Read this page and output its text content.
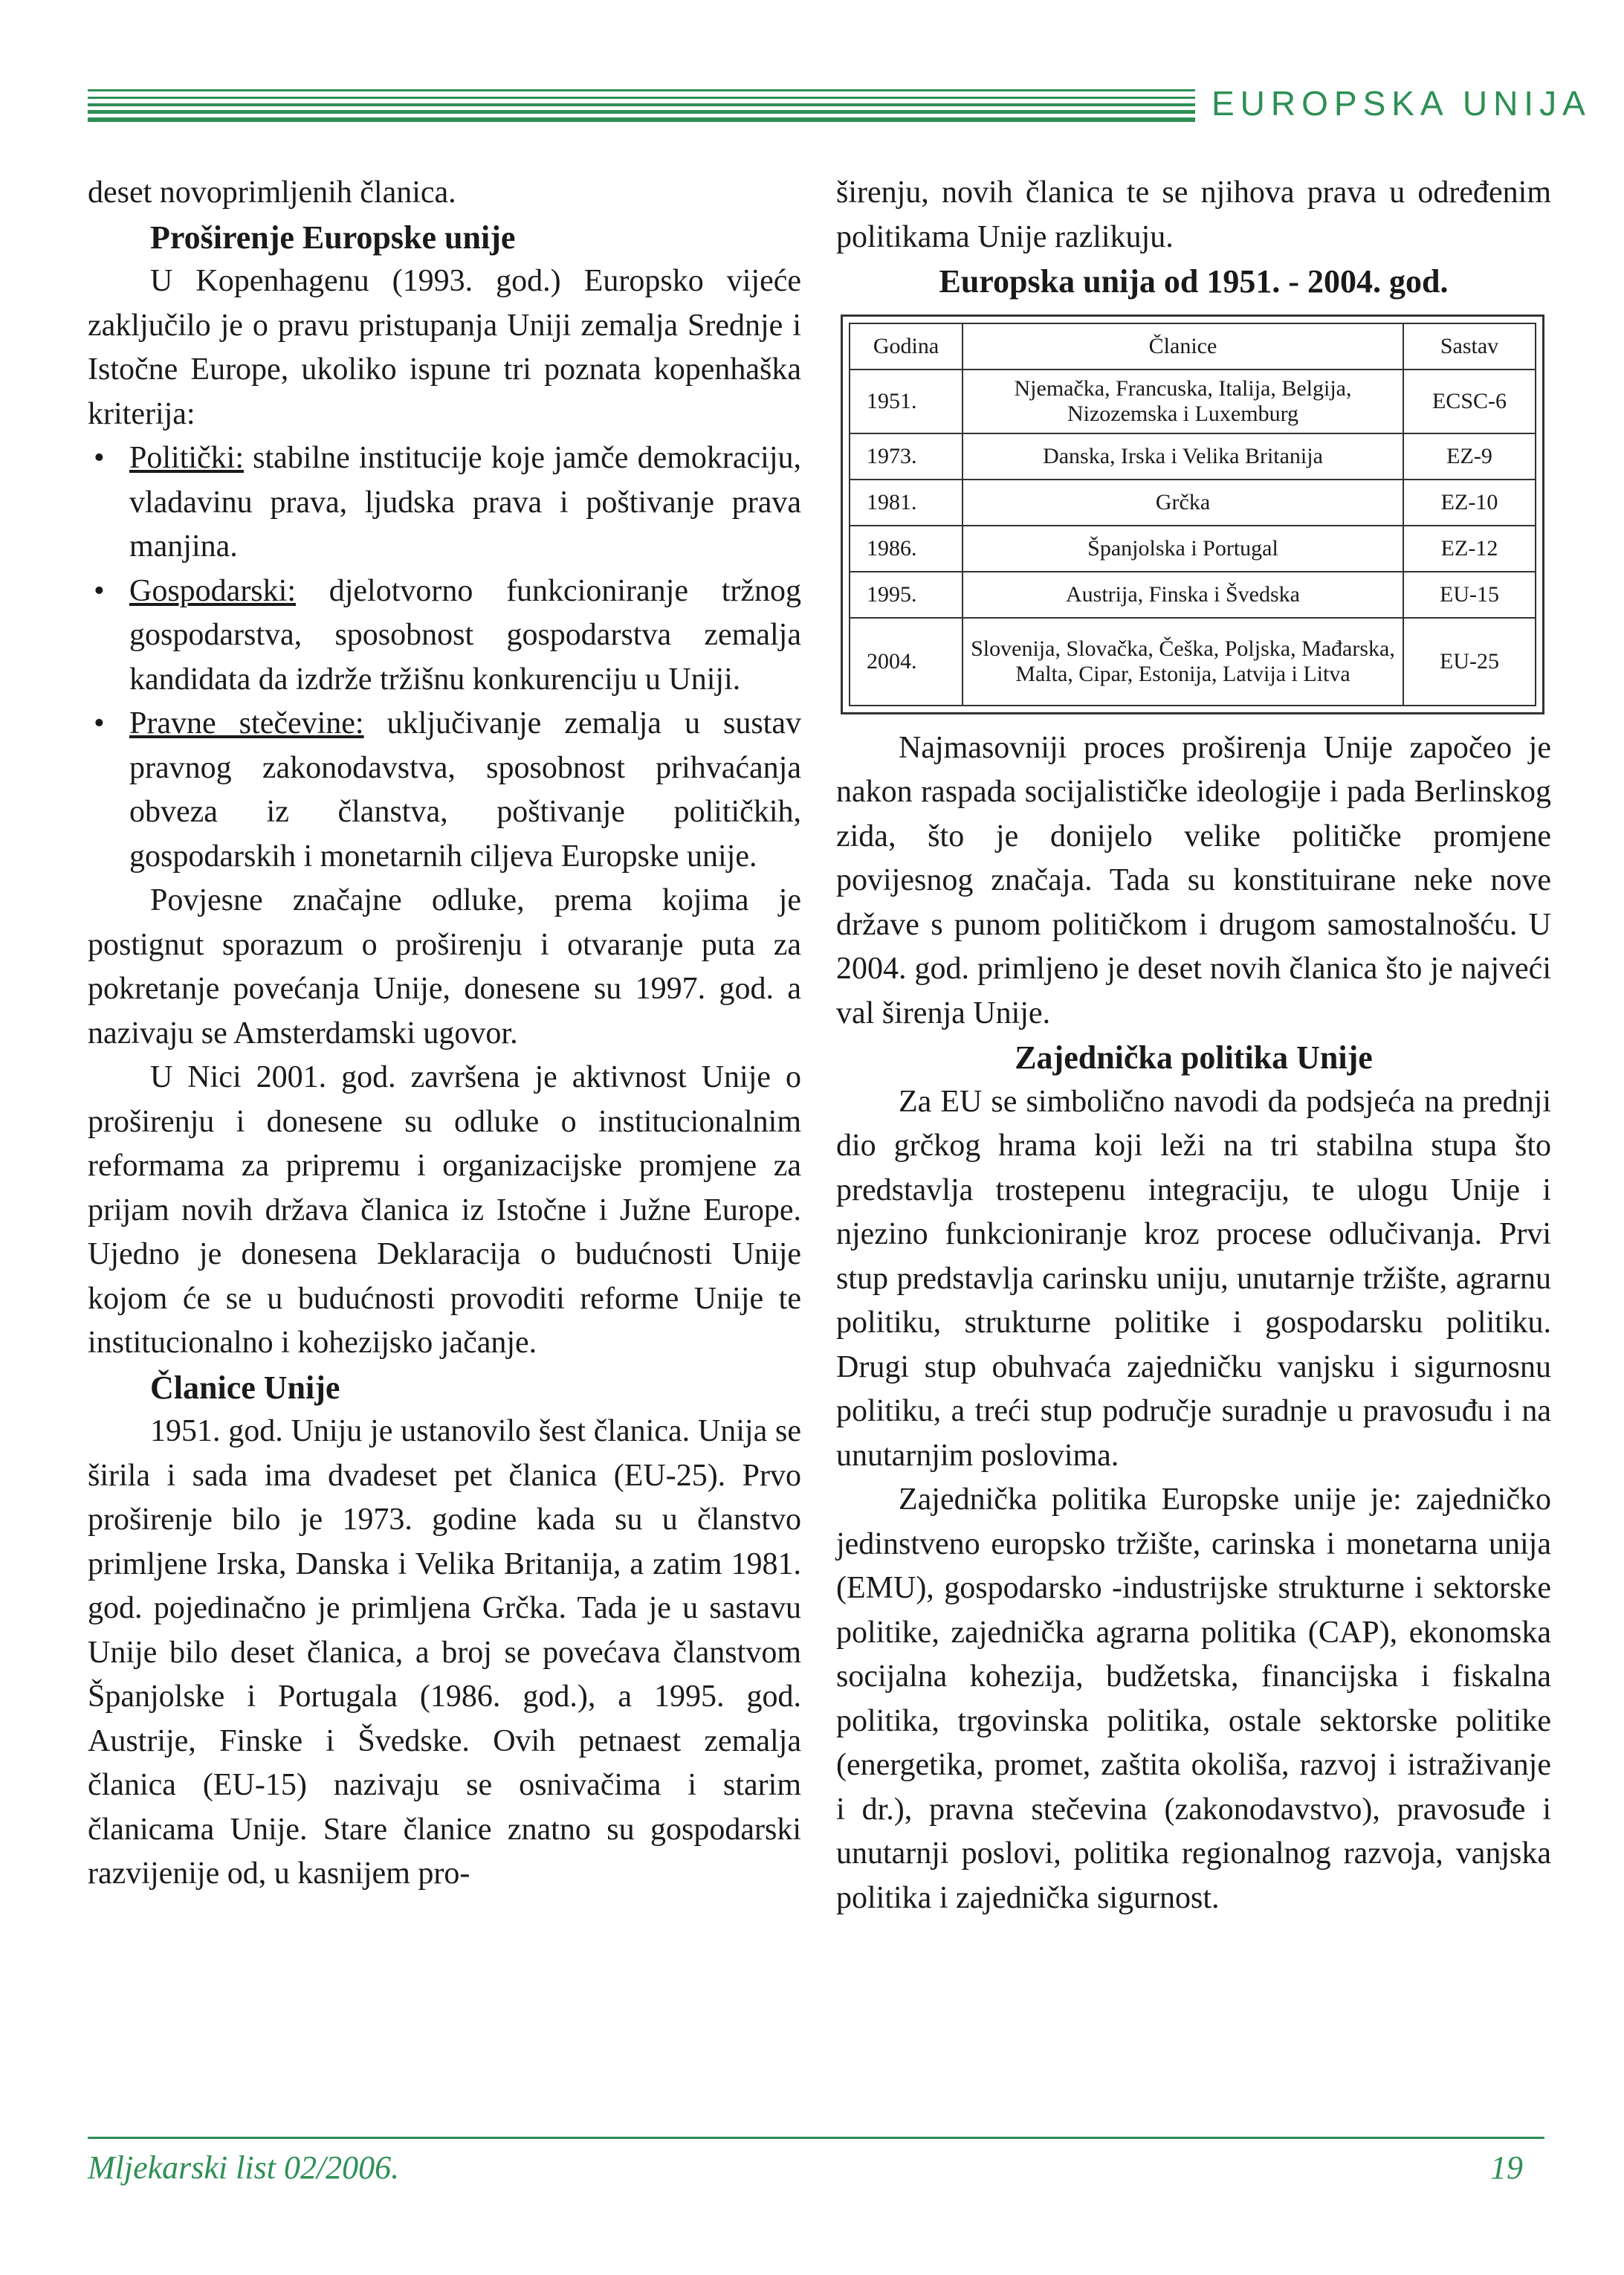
EUROPSKA UNIJA

deset novoprimljenih članica.

Proširenje Europske unije

U Kopenhagenu (1993. god.) Europsko vijeće zaključilo je o pravu pristupanja Uniji zemalja Srednje i Istočne Europe, ukoliko ispune tri poznata kopenhaška kriterija:

• Politički: stabilne institucije koje jamče demokraciju, vladavinu prava, ljudska prava i poštivanje prava manjina.
• Gospodarski: djelotvorno funkcioniranje tržnog gospodarstva, sposobnost gospodarstva zemalja kandidata da izdrže tržišnu konkurenciju u Uniji.
• Pravne stečevine: uključivanje zemalja u sustav pravnog zakonodavstva, sposobnost prihvaćanja obveza iz članstva, poštivanje političkih, gospodarskih i monetarnih ciljeva Europske unije.

Povjesne značajne odluke, prema kojima je postignut sporazum o proširenju i otvaranje puta za pokretanje povećanja Unije, donesene su 1997. god. a nazivaju se Amsterdamski ugovor.

U Nici 2001. god. završena je aktivnost Unije o proširenju i donesene su odluke o institucionalnim reformama za pripremu i organizacijske promjene za prijam novih država članica iz Istočne i Južne Europe. Ujedno je donesena Deklaracija o budućnosti Unije kojom će se u budućnosti provoditi reforme Unije te institucionalno i kohezijsko jačanje.

Članice Unije

1951. god. Uniju je ustanovilo šest članica. Unija se širila i sada ima dvadeset pet članica (EU-25). Prvo proširenje bilo je 1973. godine kada su u članstvo primljene Irska, Danska i Velika Britanija, a zatim 1981. god. pojedinačno je primljena Grčka. Tada je u sastavu Unije bilo deset članica, a broj se povećava članstvom Španjolske i Portugala (1986. god.), a 1995. god. Austrije, Finske i Švedske. Ovih petnaest zemalja članica (EU-15) nazivaju se osnivačima i starim članicama Unije. Stare članice znatno su gospodarski razvijenije od, u kasnijem pro-

širenju, novih članica te se njihova prava u određenim politikama Unije razlikuju.

Europska unija od 1951. - 2004. god.
Godina	Članice	Sastav
1951.	Njemačka, Francuska, Italija, Belgija, Nizozemska i Luxemburg	ECSC-6
1973.	Danska, Irska i Velika Britanija	EZ-9
1981.	Grčka	EZ-10
1986.	Španjolska i Portugal	EZ-12
1995.	Austrija, Finska i Švedska	EU-15
2004.	Slovenija, Slovačka, Češka, Poljska, Mađarska, Malta, Cipar, Estonija, Latvija i Litva	EU-25

Najmasovniji proces proširenja Unije započeo je nakon raspada socijalističke ideologije i pada Berlinskog zida, što je donijelo velike političke promjene povijesnog značaja. Tada su konstituirane neke nove države s punom političkom i drugom samostalnošću. U 2004. god. primljeno je deset novih članica što je najveći val širenja Unije.

Zajednička politika Unije

Za EU se simbolično navodi da podsjeća na prednji dio grčkog hrama koji leži na tri stabilna stupa što predstavlja trostepenu integraciju, te ulogu Unije i njezino funkcioniranje kroz procese odlučivanja. Prvi stup predstavlja carinsku uniju, unutarnje tržište, agrarnu politiku, strukturne politike i gospodarsku politiku. Drugi stup obuhvaća zajedničku vanjsku i sigurnosnu politiku, a treći stup područje suradnje u pravosuđu i na unutarnjim poslovima.

Zajednička politika Europske unije je: zajedničko jedinstveno europsko tržište, carinska i monetarna unija (EMU), gospodarsko -industrijske strukturne i sektorske politike, zajednička agrarna politika (CAP), ekonomska socijalna kohezija, budžetska, financijska i fiskalna politika, trgovinska politika, ostale sektorske politike (energetika, promet, zaštita okoliša, razvoj i istraživanje i dr.), pravna stečevina (zakonodavstvo), pravosuđe i unutarnji poslovi, politika regionalnog razvoja, vanjska politika i zajednička sigurnost.

Mljekarski list 02/2006.	19
